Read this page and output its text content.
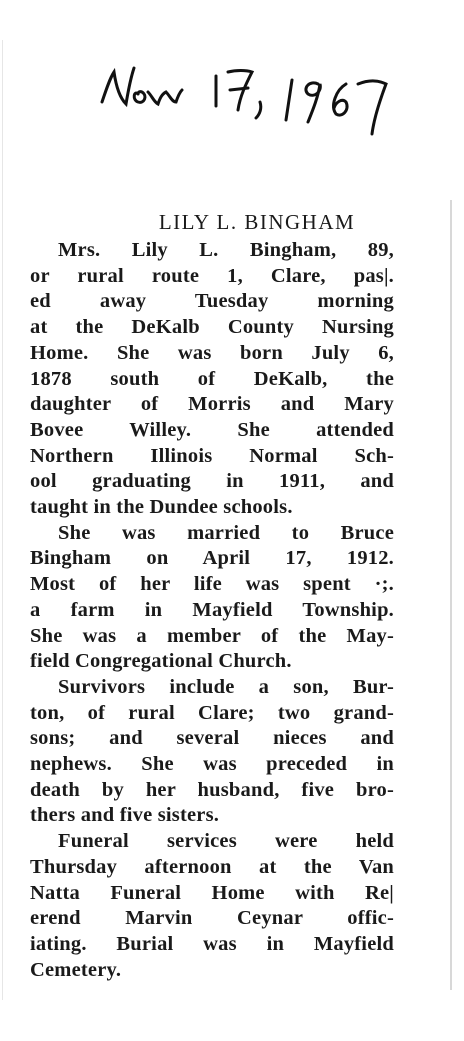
LILY L. BINGHAM
Mrs. Lily L. Bingham, 89,
or rural route 1, Clare, pas|.
ed away Tuesday morning
at the DeKalb County Nursing
Home. She was born July 6,
1878 south of DeKalb, the
daughter of Morris and Mary
Bovee Willey. She attended
Northern Illinois Normal Sch-
ool graduating in 1911, and
taught in the Dundee schools.
She was married to Bruce
Bingham on April 17, 1912.
Most of her life was spent ·;.
a farm in Mayfield Township.
She was a member of the May-
field Congregational Church.
Survivors include a son, Bur-
ton, of rural Clare; two grand-
sons; and several nieces and
nephews. She was preceded in
death by her husband, five bro-
thers and five sisters.
Funeral services were held
Thursday afternoon at the Van
Natta Funeral Home with Re|
erend Marvin Ceynar offic-
iating. Burial was in Mayfield
Cemetery.
